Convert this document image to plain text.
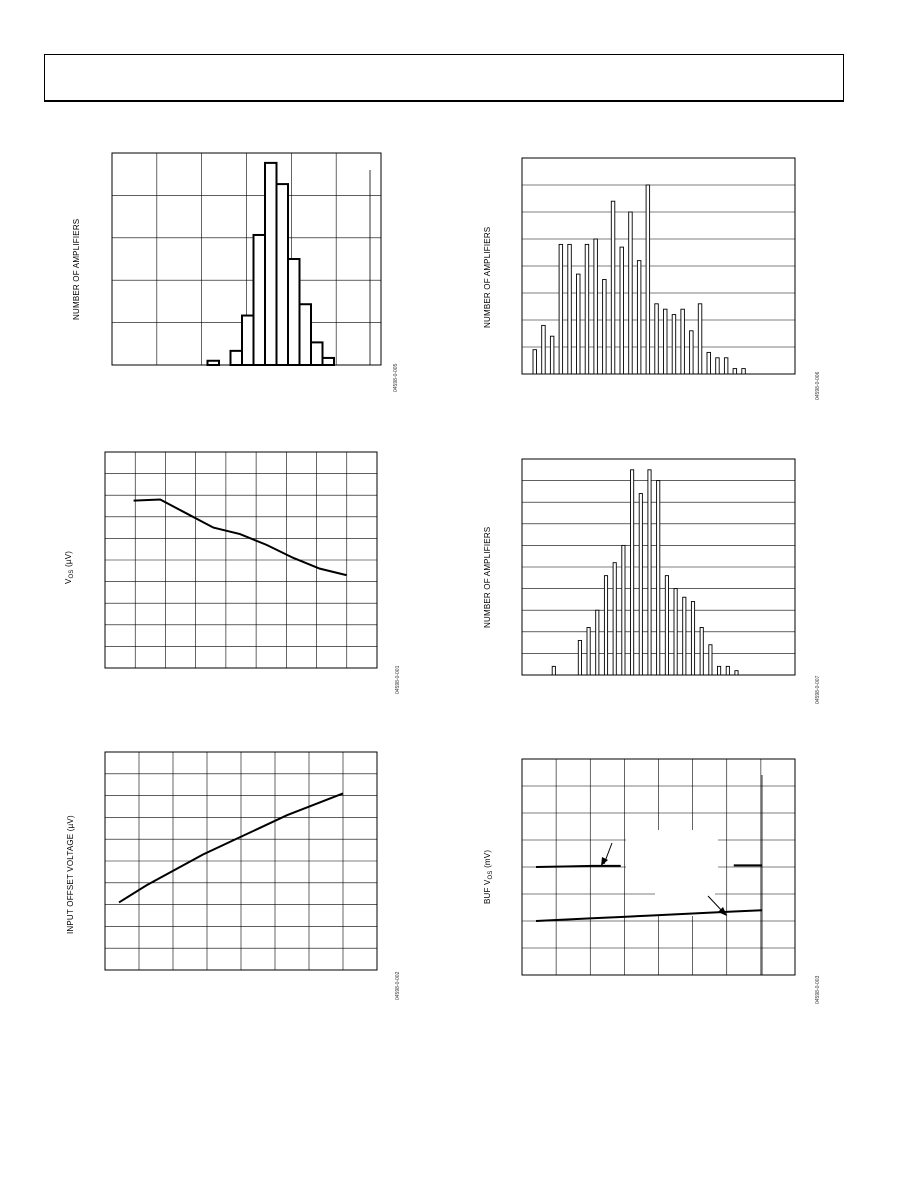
NUMBER OF AMPLIFIERS
04598-0-005
NUMBER OF AMPLIFIERS
04598-0-006
$V_{OS}$ (µV)
04598-0-001
NUMBER OF AMPLIFIERS
04598-0-007
INPUT OFFSET VOLTAGE (µV)
04598-0-002
BUF $V_{OS}$ (mV)
04598-0-003
